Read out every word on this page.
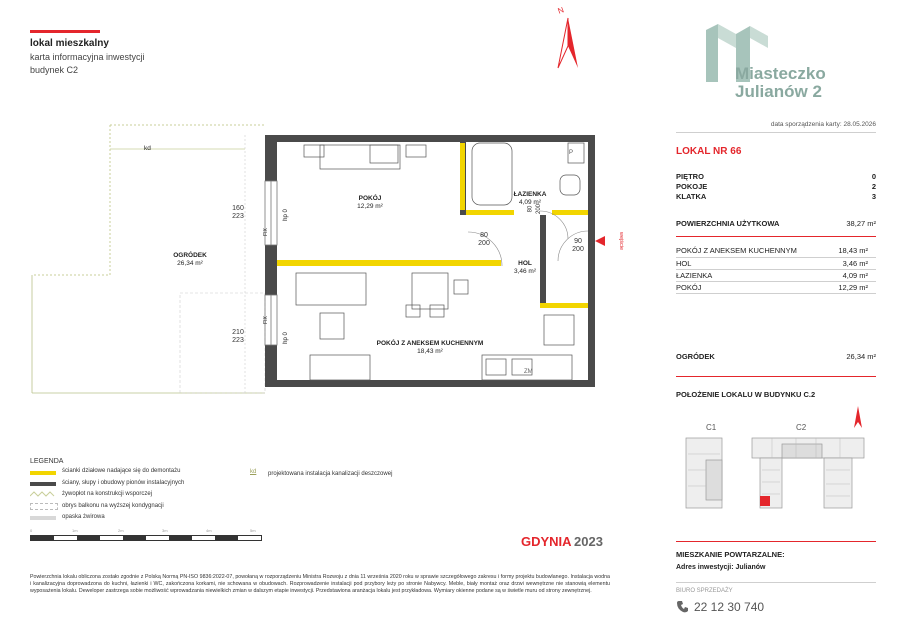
lokal mieszkalny
karta informacyjna inwestycji
budynek C2
N
Miasteczko
Julianów 2
data sporządzenia karty: 28.05.2026
LOKAL NR 66
PIĘTRO	0
POKOJE	2
KLATKA	3
POWIERZCHNIA UŻYTKOWA	38,27 m²
POKÓJ Z ANEKSEM KUCHENNYM	18,43 m²
HOL	3,46 m²
ŁAZIENKA	4,09 m²
POKÓJ	12,29 m²
OGRÓDEK	26,34 m²
POŁOŻENIE LOKALU W BUDYNKU C.2
C1	C2
MIESZKANIE POWTARZALNE:
Adres inwestycji: Julianów
BIURO SPRZEDAŻY
22 12 30 740
kd
POKÓJ
12,29 m²
ŁAZIENKA
4,09 m²
HOL
3,46 m²
POKÓJ Z ANEKSEM KUCHENNYM
18,43 m²
OGRÓDEK
26,34 m²
160
223
210
223
80
200
80 200
90
200
hp 0
hp 0
FIX
FIX
ZM
P
wejście
LEGENDA
ścianki działowe nadające się do demontażu
ściany, słupy i obudowy pionów instalacyjnych
żywopłot na konstrukcji wsporczej
obrys balkonu na wyższej kondygnacji
opaska żwirowa
kd projektowana instalacja kanalizacji deszczowej
0	1m	2m	3m	4m	5m
GDYNIA 2023
Powierzchnia lokalu obliczona zostało zgodnie z Polską Normą PN-ISO 9836:2022-07, powołaną w rozporządzeniu Ministra Rozwoju z dnia 11 września 2020 roku w sprawie szczegółowego zakresu i formy projektu budowlanego. Instalacja wodna i kanalizacyjna doprowadzona do kuchni, łazienki i WC, zakończona korkami, nie schowana w obudowach. Rozprowadzenie instalacji pod przybory leży po stronie Nabywcy. Meble, biały montaż oraz drzwi wewnętrzne nie stanowią elementu wyposażenia lokalu. Deweloper zastrzega sobie możliwość wprowadzania niewielkich zmian w dalszym etapie inwestycji. Przedstawiona aranżacja lokalu jest przykładowa. Wymiary okienne podane są w świetle muru od strony zewnętrznej.
